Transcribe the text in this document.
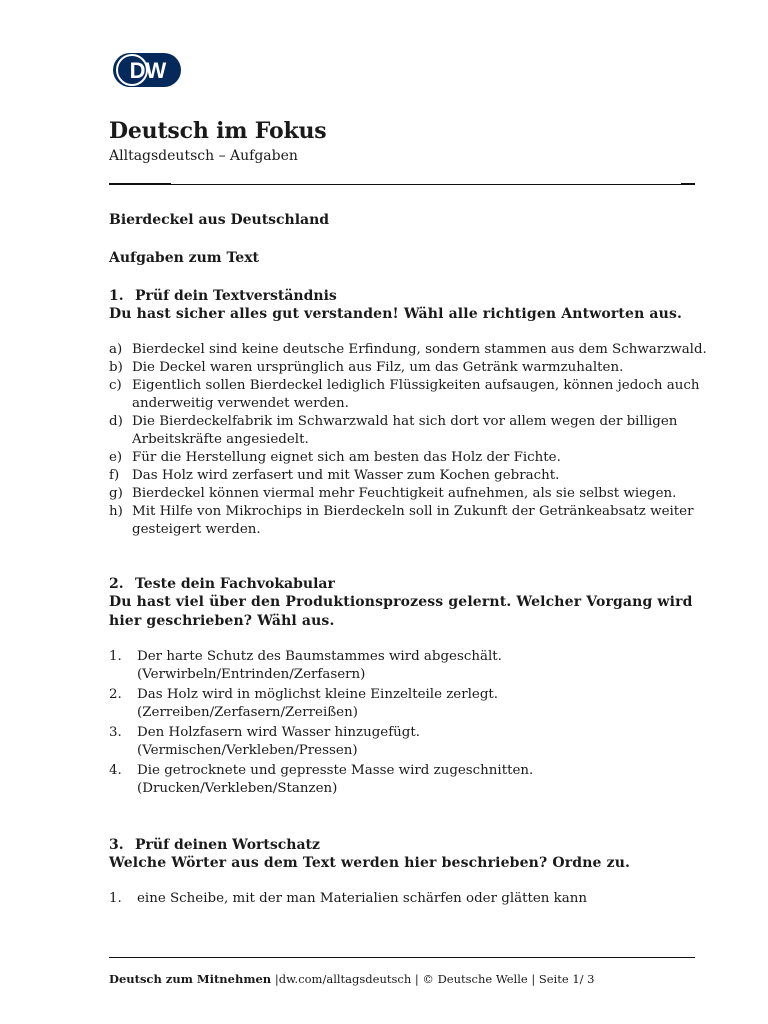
DW
Deutsch im Fokus

Alltagsdeutsch – Aufgaben

Bierdeckel aus Deutschland

Aufgaben zum Text

1. Prüf dein Textverständnis

Du hast sicher alles gut verstanden! Wähl alle richtigen Antworten aus.

a) Bierdeckel sind keine deutsche Erfindung, sondern stammen aus dem Schwarzwald.
b) Die Deckel waren ursprünglich aus Filz, um das Getränk warmzuhalten.
c) Eigentlich sollen Bierdeckel lediglich Flüssigkeiten aufsaugen, können jedoch auch anderweitig verwendet werden.
d) Die Bierdeckelfabrik im Schwarzwald hat sich dort vor allem wegen der billigen Arbeitskräfte angesiedelt.
e) Für die Herstellung eignet sich am besten das Holz der Fichte.
f) Das Holz wird zerfasert und mit Wasser zum Kochen gebracht.
g) Bierdeckel können viermal mehr Feuchtigkeit aufnehmen, als sie selbst wiegen.
h) Mit Hilfe von Mikrochips in Bierdeckeln soll in Zukunft der Getränkeabsatz weiter gesteigert werden.

2. Teste dein Fachvokabular

Du hast viel über den Produktionsprozess gelernt. Welcher Vorgang wird hier geschrieben? Wähl aus.

1. Der harte Schutz des Baumstammes wird abgeschält.
(Verwirbeln/Entrinden/Zerfasern)
2. Das Holz wird in möglichst kleine Einzelteile zerlegt.
(Zerreiben/Zerfasern/Zerreißen)
3. Den Holzfasern wird Wasser hinzugefügt.
(Vermischen/Verkleben/Pressen)
4. Die getrocknete und gepresste Masse wird zugeschnitten.
(Drucken/Verkleben/Stanzen)

3. Prüf deinen Wortschatz

Welche Wörter aus dem Text werden hier beschrieben? Ordne zu.

1. eine Scheibe, mit der man Materialien schärfen oder glätten kann
Deutsch zum Mitnehmen |dw.com/alltagsdeutsch | © Deutsche Welle | Seite 1/ 3
